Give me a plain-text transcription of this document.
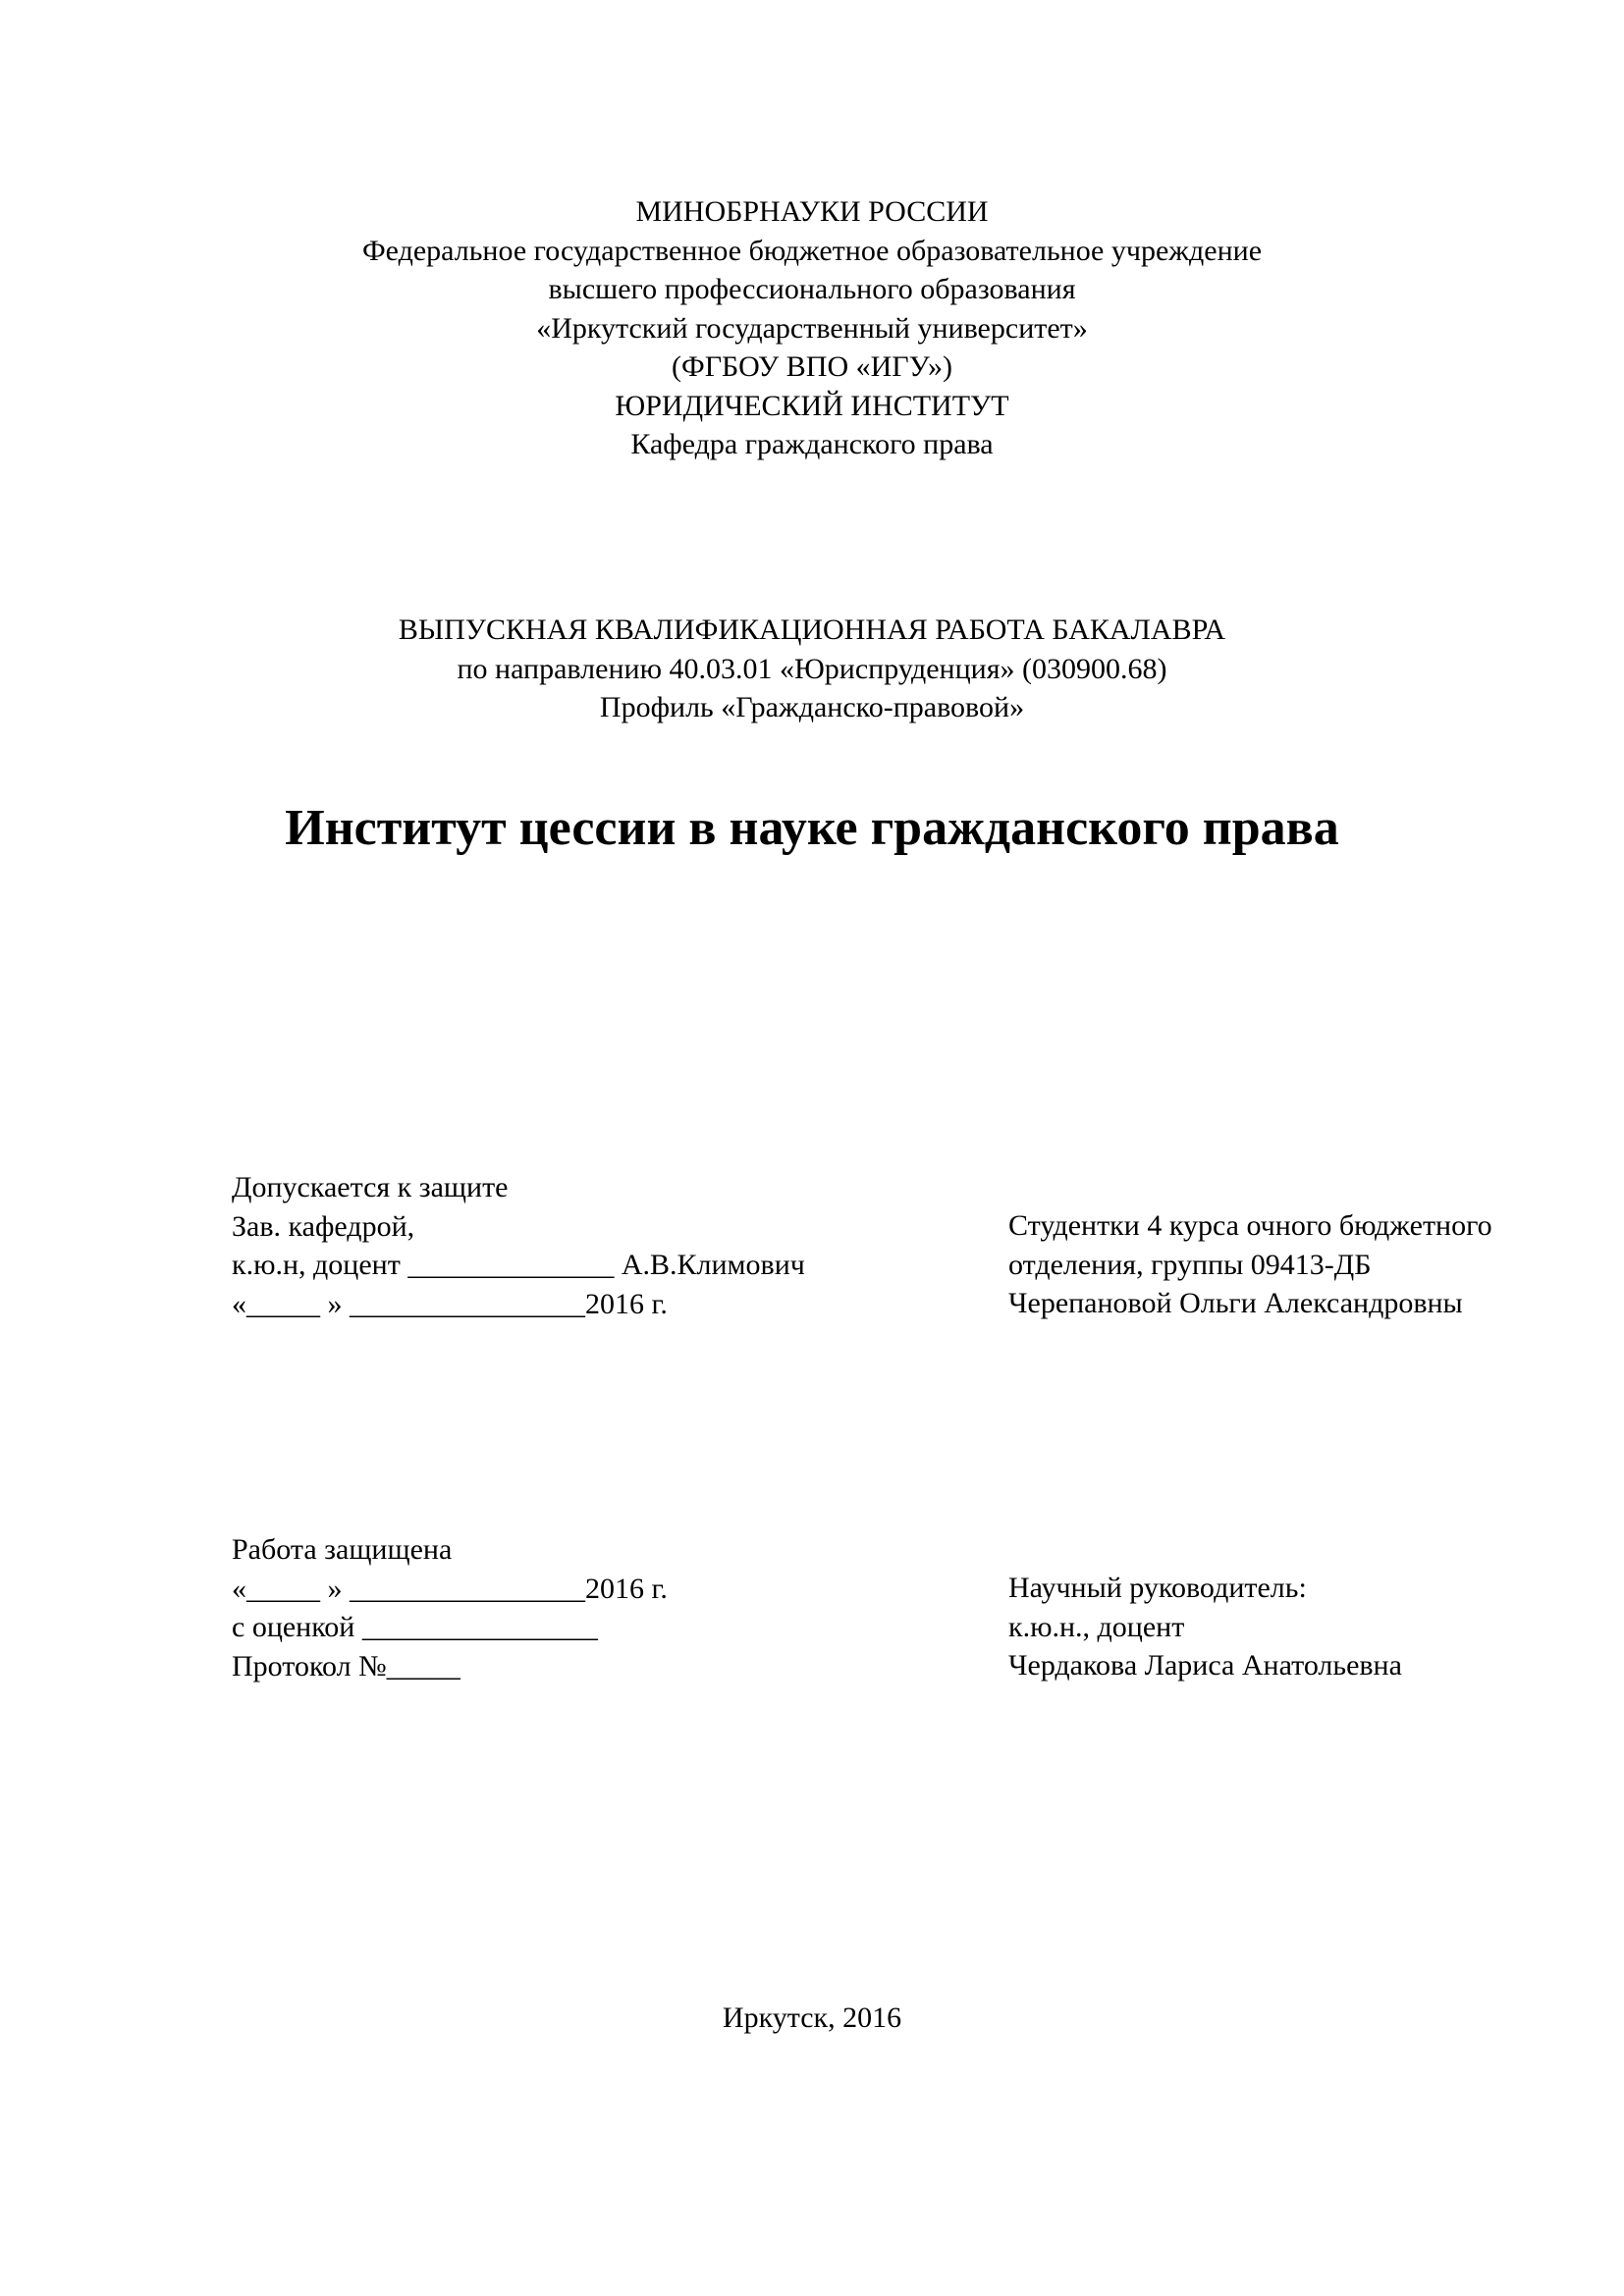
МИНОБРНАУКИ РОССИИ
Федеральное государственное бюджетное образовательное учреждение
высшего профессионального образования
«Иркутский государственный университет»
(ФГБОУ ВПО «ИГУ»)
ЮРИДИЧЕСКИЙ ИНСТИТУТ
Кафедра гражданского права
ВЫПУСКНАЯ КВАЛИФИКАЦИОННАЯ РАБОТА БАКАЛАВРА
по направлению 40.03.01 «Юриспруденция» (030900.68)
Профиль «Гражданско-правовой»
Институт цессии в науке гражданского права
Допускается к защите
Зав. кафедрой,
к.ю.н, доцент ______________ А.В.Климович
«_____ » ________________2016 г.
Студентки 4 курса очного бюджетного
отделения, группы 09413-ДБ
Черепановой Ольги Александровны
Работа защищена
«_____ » ________________2016 г.
с оценкой ________________
Протокол №_____
Научный руководитель:
к.ю.н., доцент
Чердакова Лариса Анатольевна
Иркутск, 2016
